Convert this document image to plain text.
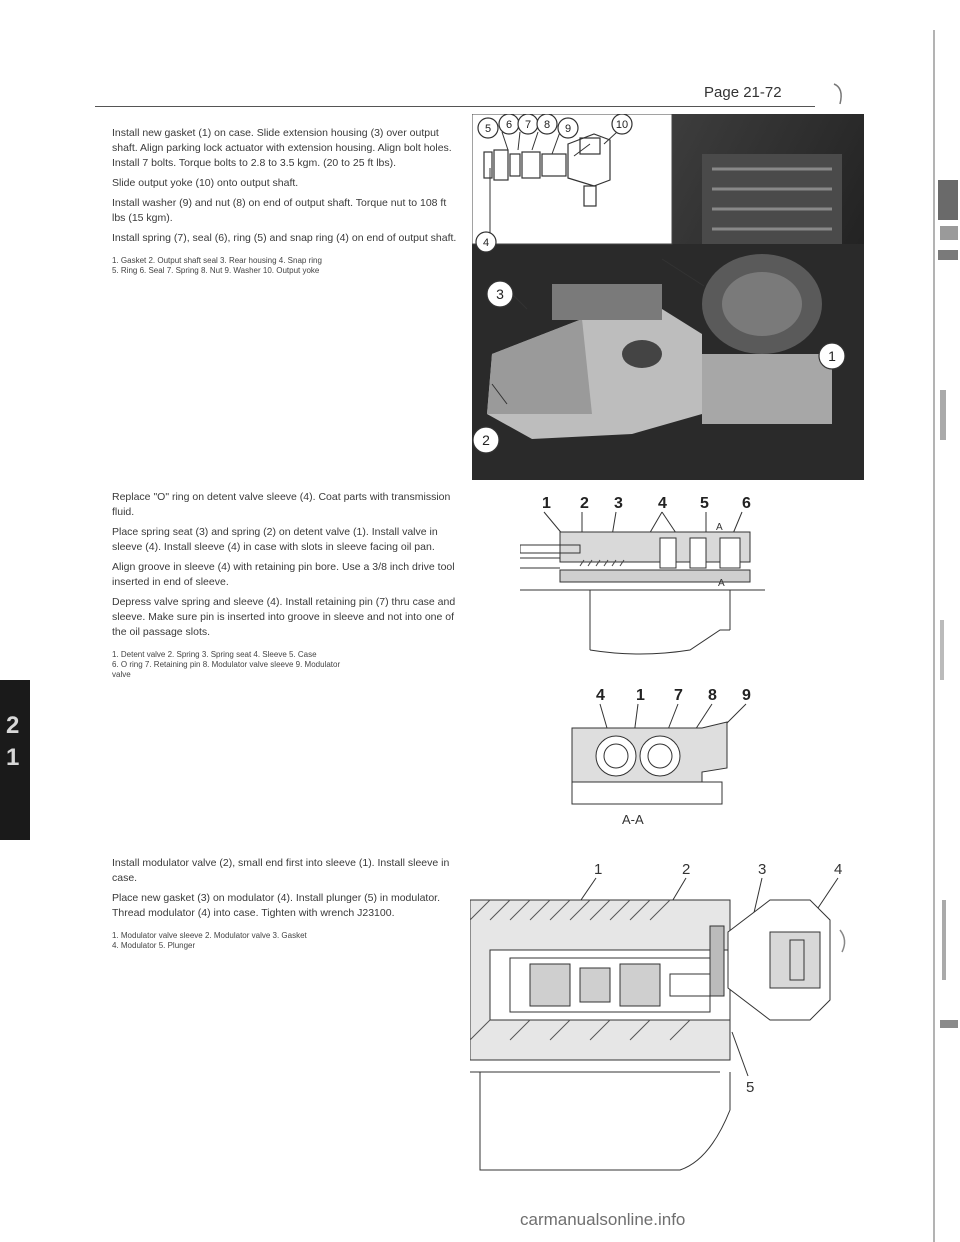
Page 21-72

Install new gasket (1) on case. Slide extension housing (3) over output shaft. Align parking lock actuator with extension housing. Align bolt holes. Install 7 bolts. Torque bolts to 2.8 to 3.5 kgm. (20 to 25 ft lbs).

Slide output yoke (10) onto output shaft.

Install washer (9) and nut (8) on end of output shaft. Torque nut to 108 ft lbs (15 kgm).

Install spring (7), seal (6), ring (5) and snap ring (4) on end of output shaft.

1. Gasket 2. Output shaft seal 3. Rear housing 4. Snap ring
5. Ring 6. Seal 7. Spring 8. Nut 9. Washer 10. Output yoke

Replace "O" ring on detent valve sleeve (4). Coat parts with transmission fluid.

Place spring seat (3) and spring (2) on detent valve (1). Install valve in sleeve (4). Install sleeve (4) in case with slots in sleeve facing oil pan.

Align groove in sleeve (4) with retaining pin bore. Use a 3/8 inch drive tool inserted in end of sleeve.

Depress valve spring and sleeve (4). Install retaining pin (7) thru case and sleeve. Make sure pin is inserted into groove in sleeve and not into one of the oil passage slots.

1. Detent valve 2. Spring 3. Spring seat 4. Sleeve 5. Case
6. O ring 7. Retaining pin 8. Modulator valve sleeve 9. Modulator
valve

Install modulator valve (2), small end first into sleeve (1). Install sleeve in case.

Place new gasket (3) on modulator (4). Install plunger (5) in modulator. Thread modulator (4) into case. Tighten with wrench J23100.

1. Modulator valve sleeve 2. Modulator valve 3. Gasket
4. Modulator 5. Plunger
2
1
5 6 7 8 9	10
4
3
1
2
1 2 3 4 5 6
A
A
4 1 7 8 9
A-A
1	2	3	4
5
carmanualsonline.info
